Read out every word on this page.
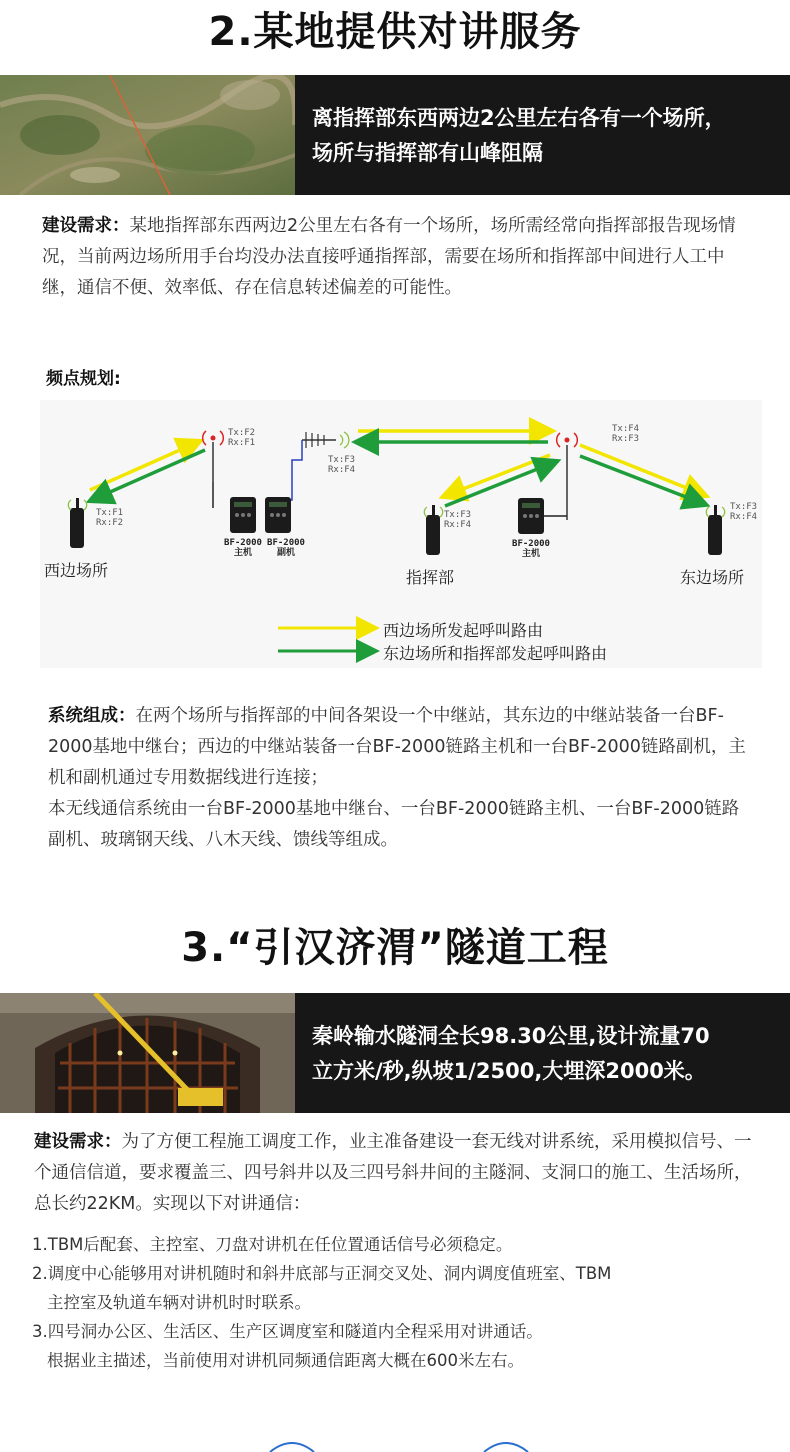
2.某地提供对讲服务
离指挥部东西两边2公里左右各有一个场所，
场所与指挥部有山峰阻隔
建设需求：某地指挥部东西两边2公里左右各有一个场所，场所需经常向指挥部报告现场情况，当前两边场所用手台均没办法直接呼通指挥部，需要在场所和指挥部中间进行人工中继，通信不便、效率低、存在信息转述偏差的可能性。
频点规划:
Tx:F1
Rx:F2
Tx:F2
Rx:F1
Tx:F3
Rx:F4
Tx:F4
Rx:F3
Tx:F3
Rx:F4
Tx:F3
Rx:F4
BF-2000
主机
BF-2000
副机
BF-2000
主机
西边场所	指挥部	东边场所
西边场所发起呼叫路由
东边场所和指挥部发起呼叫路由
系统组成：在两个场所与指挥部的中间各架设一个中继站，其东边的中继站装备一台BF-2000基地中继台；西边的中继站装备一台BF-2000链路主机和一台BF-2000链路副机，主机和副机通过专用数据线进行连接；
本无线通信系统由一台BF-2000基地中继台、一台BF-2000链路主机、一台BF-2000链路副机、玻璃钢天线、八木天线、馈线等组成。
3.“引汉济渭”隧道工程
秦岭输水隧洞全长98.30公里,设计流量70
立方米/秒,纵坡1/2500,大埋深2000米。
建设需求：为了方便工程施工调度工作，业主准备建设一套无线对讲系统，采用模拟信号、一个通信信道，要求覆盖三、四号斜井以及三四号斜井间的主隧洞、支洞口的施工、生活场所，总长约22KM。实现以下对讲通信：
1.TBM后配套、主控室、刀盘对讲机在任位置通话信号必须稳定。
2.调度中心能够用对讲机随时和斜井底部与正洞交叉处、洞内调度值班室、TBM
主控室及轨道车辆对讲机时时联系。
3.四号洞办公区、生活区、生产区调度室和隧道内全程采用对讲通话。
根据业主描述，当前使用对讲机同频通信距离大概在600米左右。
